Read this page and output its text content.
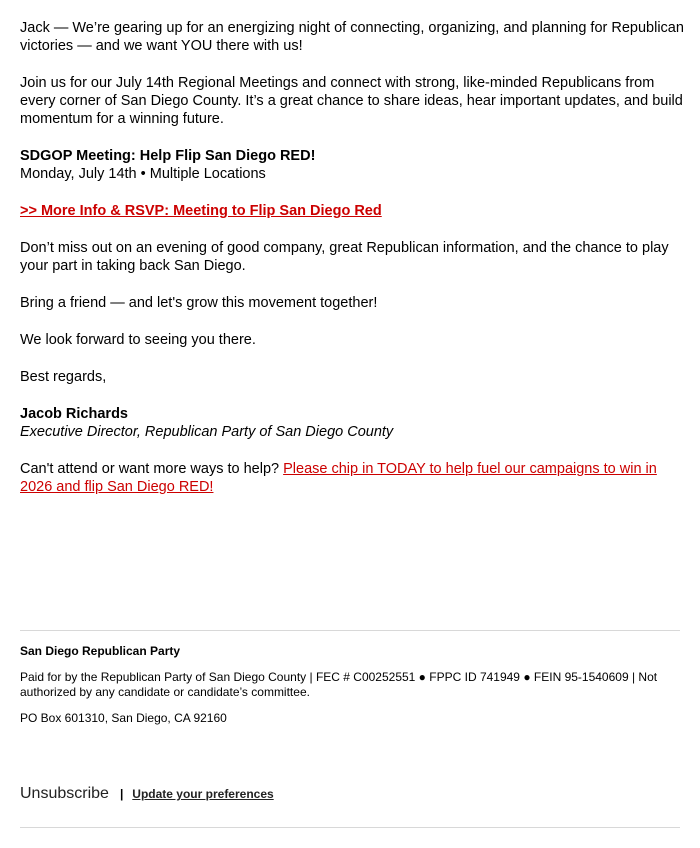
Jack — We’re gearing up for an energizing night of connecting, organizing, and planning for Republican victories — and we want YOU there with us!

Join us for our July 14th Regional Meetings and connect with strong, like-minded Republicans from every corner of San Diego County. It’s a great chance to share ideas, hear important updates, and build momentum for a winning future.

SDGOP Meeting: Help Flip San Diego RED!

Monday, July 14th • Multiple Locations

>> More Info & RSVP: Meeting to Flip San Diego Red

Don’t miss out on an evening of good company, great Republican information, and the chance to play your part in taking back San Diego.

Bring a friend — and let's grow this movement together!

We look forward to seeing you there.

Best regards,

Jacob Richards

Executive Director, Republican Party of San Diego County

Can't attend or want more ways to help? Please chip in TODAY to help fuel our campaigns to win in 2026 and flip San Diego RED!

San Diego Republican Party
Paid for by the Republican Party of San Diego County | FEC # C00252551 ● FPPC ID 741949 ● FEIN 95-1540609 | Not authorized by any candidate or candidate’s committee.
PO Box 601310, San Diego, CA 92160
Unsubscribe | Update your preferences
